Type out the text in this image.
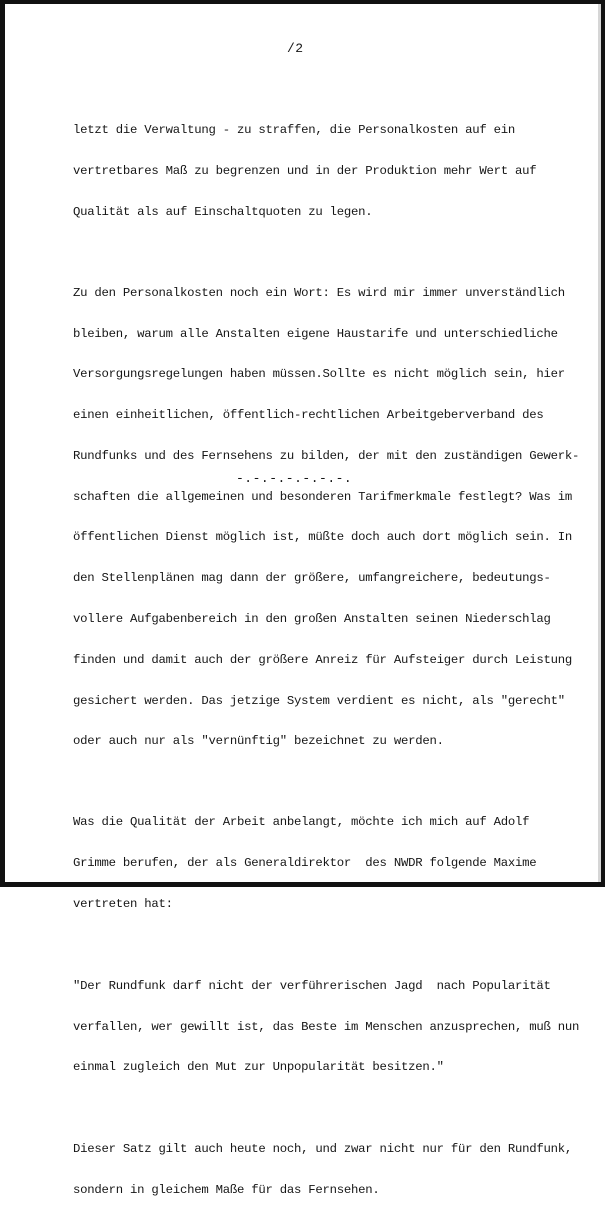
/2

letzt die Verwaltung - zu straffen, die Personalkosten auf ein

vertretbares Maß zu begrenzen und in der Produktion mehr Wert auf

Qualität als auf Einschaltquoten zu legen.

Zu den Personalkosten noch ein Wort: Es wird mir immer unverständlich

bleiben, warum alle Anstalten eigene Haustarife und unterschiedliche

Versorgungsregelungen haben müssen.Sollte es nicht möglich sein, hier

einen einheitlichen, öffentlich-rechtlichen Arbeitgeberverband des

Rundfunks und des Fernsehens zu bilden, der mit den zuständigen Gewerk-

schaften die allgemeinen und besonderen Tarifmerkmale festlegt? Was im

öffentlichen Dienst möglich ist, müßte doch auch dort möglich sein. In

den Stellenplänen mag dann der größere, umfangreichere, bedeutungs-

vollere Aufgabenbereich in den großen Anstalten seinen Niederschlag

finden und damit auch der größere Anreiz für Aufsteiger durch Leistung

gesichert werden. Das jetzige System verdient es nicht, als "gerecht"

oder auch nur als "vernünftig" bezeichnet zu werden.

Was die Qualität der Arbeit anbelangt, möchte ich mich auf Adolf

Grimme berufen, der als Generaldirektor  des NWDR folgende Maxime

vertreten hat:

"Der Rundfunk darf nicht der verführerischen Jagd  nach Popularität

verfallen, wer gewillt ist, das Beste im Menschen anzusprechen, muß nun

einmal zugleich den Mut zur Unpopularität besitzen."

Dieser Satz gilt auch heute noch, und zwar nicht nur für den Rundfunk,

sondern in gleichem Maße für das Fernsehen.

-.-.-.-.-.-.-.
